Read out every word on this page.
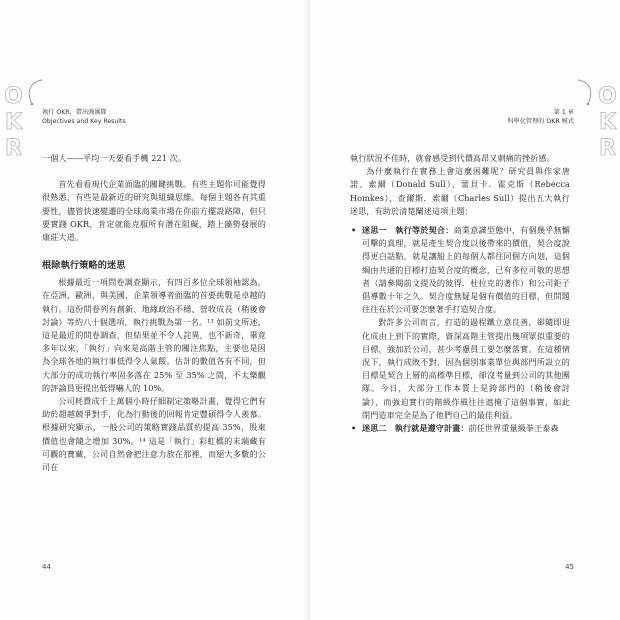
OKR	執行 OKR，帶出強團隊
Objectives and Key Results

一個人——平均一天要看手機 221 次。

首先看看現代企業面臨的關鍵挑戰。有些主題你可能覺得很熟悉，有些是最新近的研究與組織思維。每個主題各有其重要性，儘管快速變遷的全球商業市場在你前方擺設路障，但只要實踐 OKR，肯定就能克服所有潛在阻礙，踏上藻勢發展的康莊大道。

根除執行策略的迷思

根據最近一項問卷調查顯示，有四百多位全球領袖認為，在亞洲、歐洲、與美國，企業領導者面臨的首要挑戰是卓越的執行。這份問卷列有創新、地緣政治不穩、營收成長（稍後會討論）等約八十個選項，執行挑戰為第一名。¹³ 如前文所述，這是最近的問卷調查，但結果並不令人詫異，也不新奇，畢竟多年以來，「執行」向來是高階主管的關注焦點，主要也是因為全球各地的執行事低得令人氣餒。估計的數值各有不同，但大部分的成功執行率固多落在 25% 至 35% 之間，不太樂觀的評論員更提出低得嚇人的 10%。

公司耗費成千上萬個小時仔細制定策略計畫，覺得它們有助於超越競爭對手，化為行動後的回報肯定豐碩得令人羨慕。根據研究顯示，一般公司的策略實踐品質約提高 35%，股東價值也會隨之增加 30%。¹⁴ 這是「執行」彩虹橋的末端藏有可觀的寶藏，公司自然會把注意力放在那裡，而絕大多數的公司在

44
OKR
第 1 章
科學化管理的 OKR 模式

執行狀況不佳時，就會感受到代價高昂又刺痛的挫折感。

為什麼執行在實務上會這麼困難呢？研究員與作家唐諾、索爾（Donald Sull）、蕾貝卡．霍克斯（Rebecca Homkes）、查爾斯．索爾（Charles Sull）提出五大執行迷思，有助於清楚闡述這項主題：

• 迷思一　執行等於契合：商業意識型態中，有個幾乎無懈可擊的真理，就是產生契合度以後帶來的價值，契合度說得更白話點，就是讓船上的每個人都往同個方向划，這個綱由共通的目標打造契合度的概念，已有多位可敬的思想者（請參閱前文提及的彼得．杜拉克的著作）和公司鉅子倡導數十年之久。契合度無疑是個有價值的目標，但問題往往在於公司要怎麼著手打造契合度。
對許多公司而言，打造的過程鐵立意良善，卻隨即退化成由上到下的實際，資深高階主管提出幾項眾似重要的目標，強加於公司，甚少考慮員工要怎麼落實。在這種情況下，執行成敗不對，因為個別事業單位與部門所設立的目標是契合上層的高標準目標，卻沒考量到公司的其他團隊。今日，大部分工作本質上是跨部門的（稍後會討論），而強迫實行的階級作風往往遮掩了這個事實，如此閉門造車完全是為了他們自己的最佳利益。
• 迷思二　執行就是遵守計畫：前任世界重量級拳王泰森
45
